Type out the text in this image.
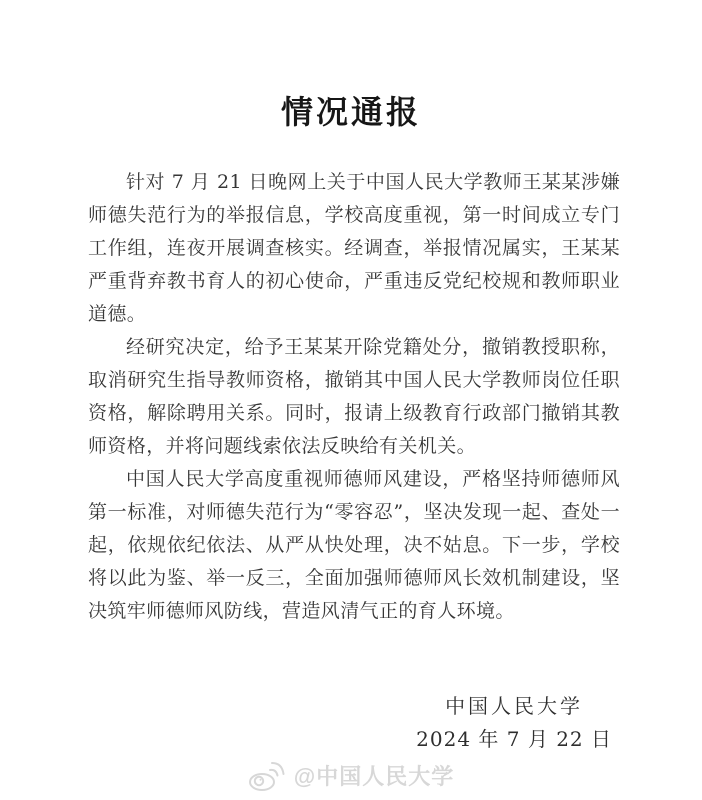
情况通报

针对 7 月 21 日晚网上关于中国人民大学教师王某某涉嫌师德失范行为的举报信息，学校高度重视，第一时间成立专门工作组，连夜开展调查核实。经调查，举报情况属实，王某某严重背弃教书育人的初心使命，严重违反党纪校规和教师职业道德。

经研究决定，给予王某某开除党籍处分，撤销教授职称，取消研究生指导教师资格，撤销其中国人民大学教师岗位任职资格，解除聘用关系。同时，报请上级教育行政部门撤销其教师资格，并将问题线索依法反映给有关机关。

中国人民大学高度重视师德师风建设，严格坚持师德师风第一标准，对师德失范行为“零容忍”，坚决发现一起、查处一起，依规依纪依法、从严从快处理，决不姑息。下一步，学校将以此为鉴、举一反三，全面加强师德师风长效机制建设，坚决筑牢师德师风防线，营造风清气正的育人环境。

中国人民大学
2024 年 7 月 22 日
@中国人民大学
